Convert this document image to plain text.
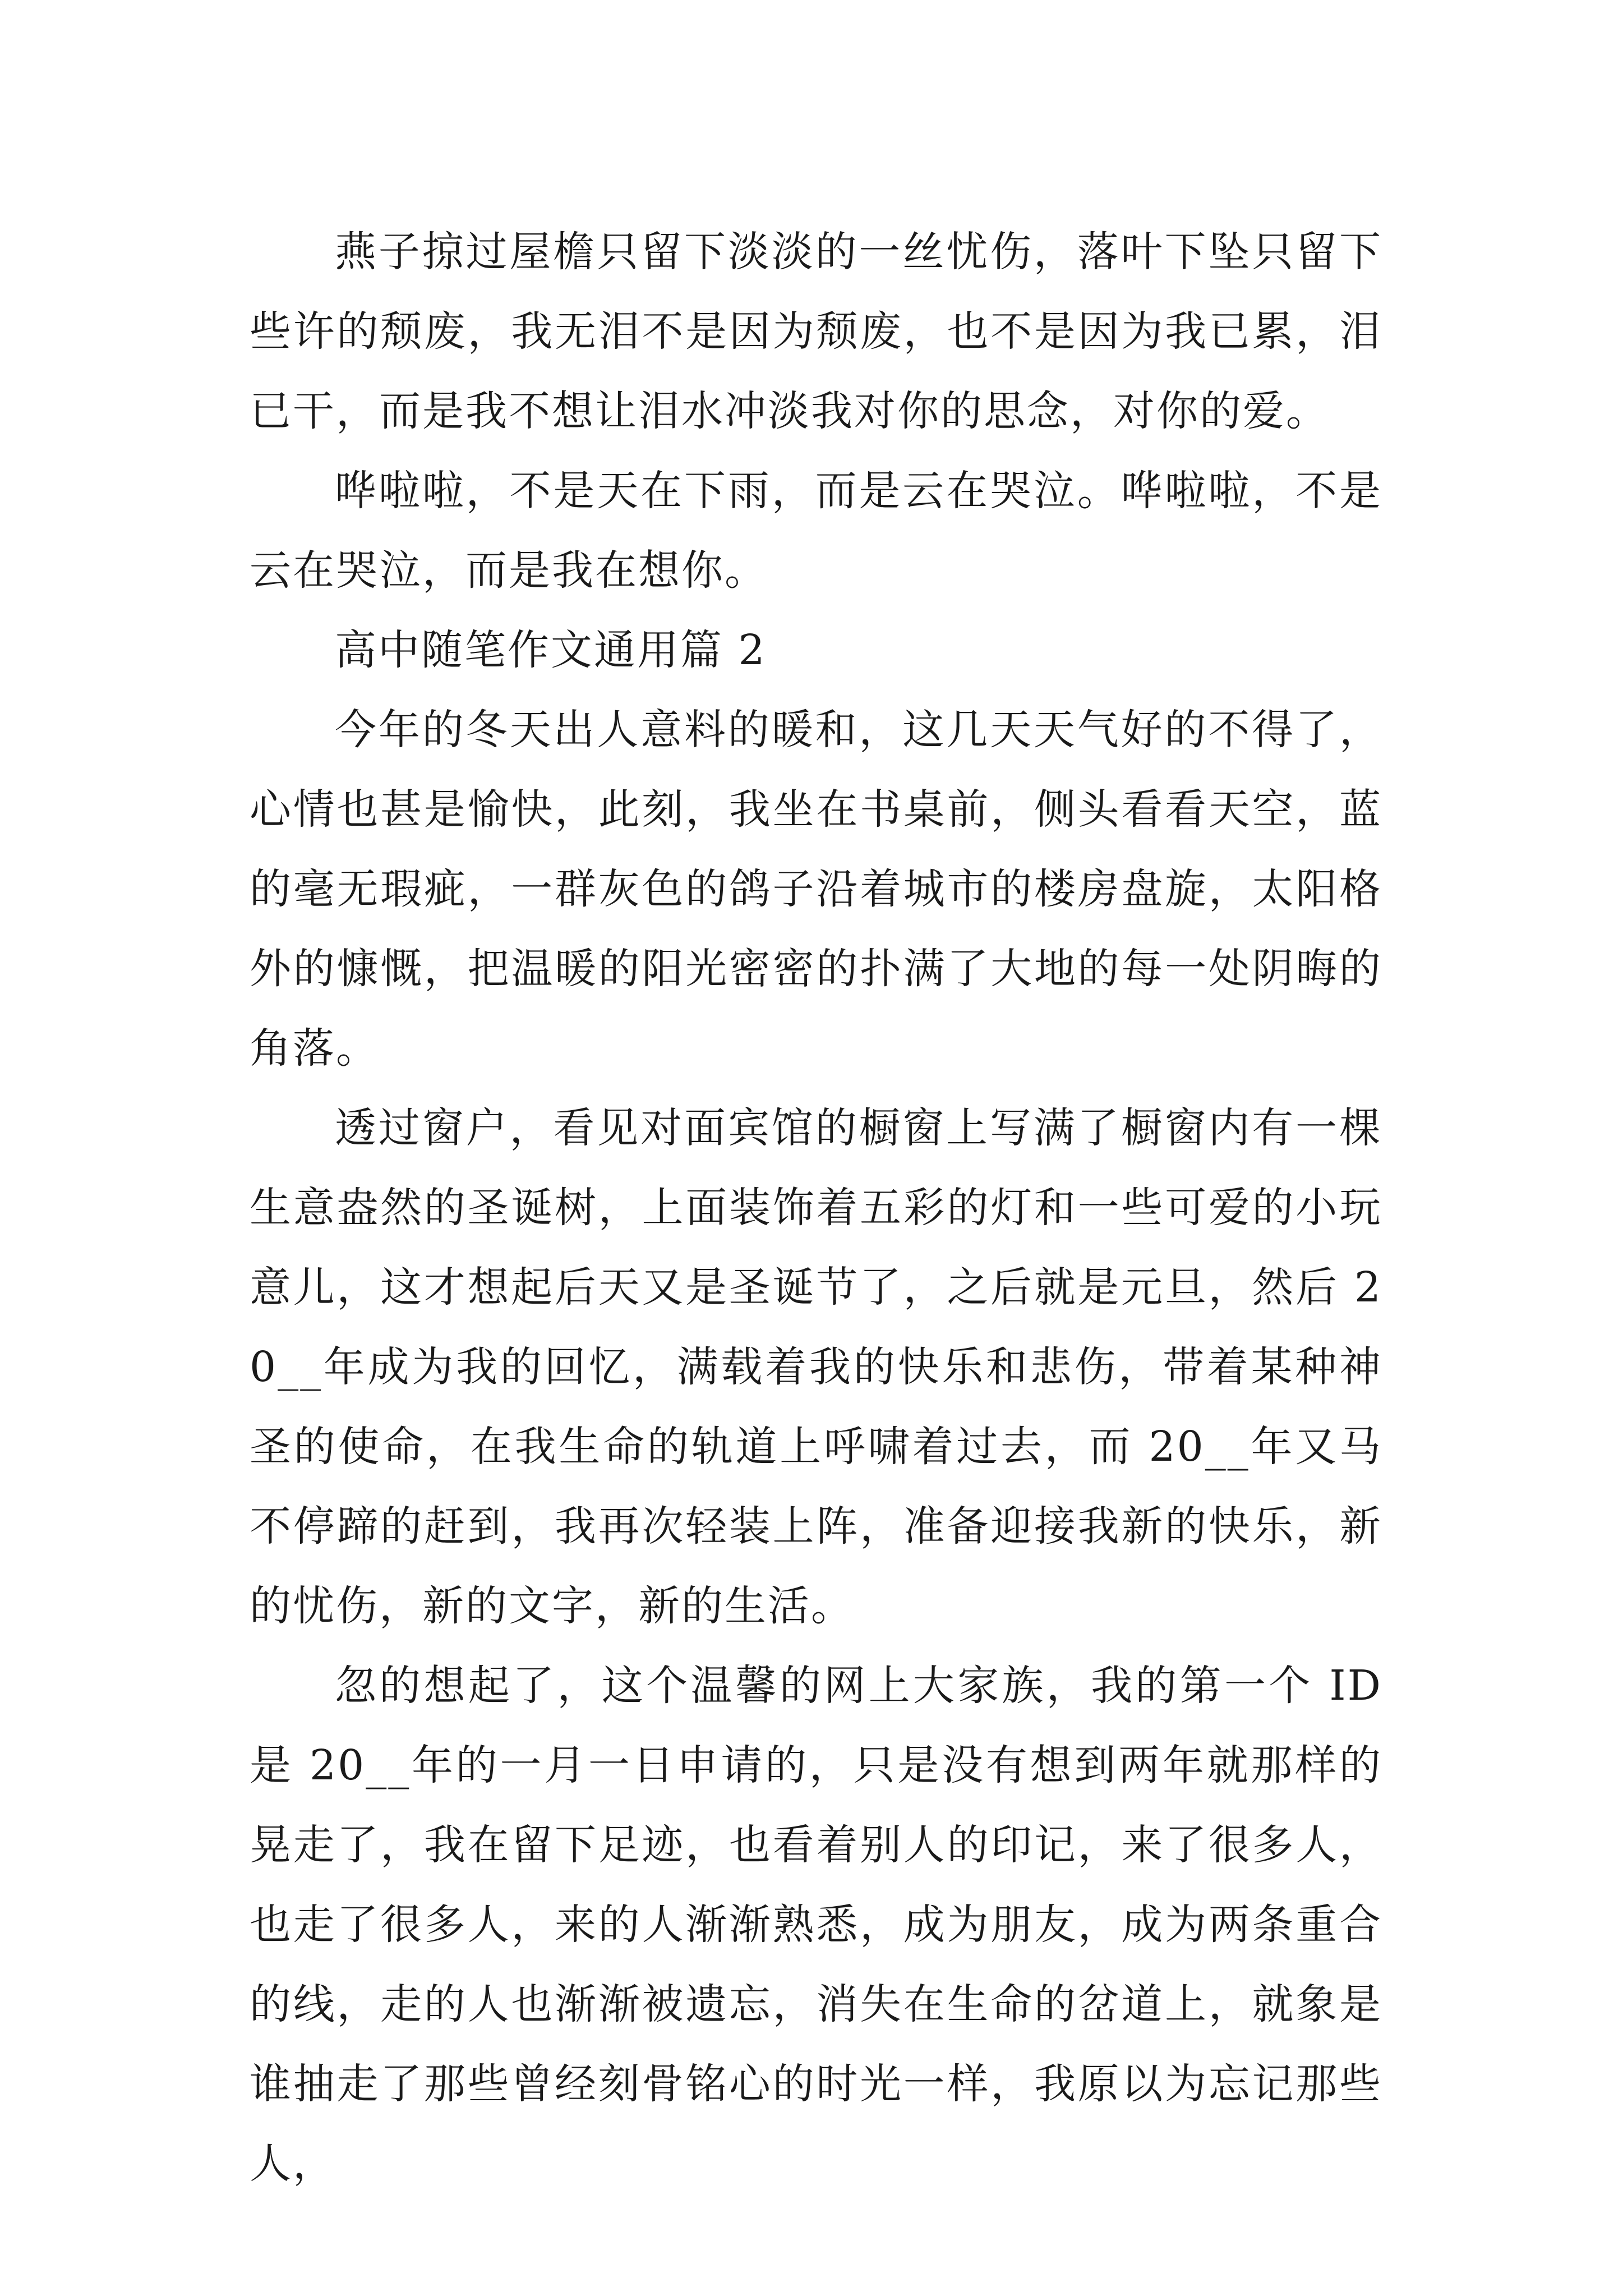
燕子掠过屋檐只留下淡淡的一丝忧伤，落叶下坠只留下些许的颓废，我无泪不是因为颓废，也不是因为我已累，泪已干，而是我不想让泪水冲淡我对你的思念，对你的爱。

哗啦啦，不是天在下雨，而是云在哭泣。哗啦啦，不是云在哭泣，而是我在想你。

高中随笔作文通用篇 2

今年的冬天出人意料的暖和，这几天天气好的不得了，心情也甚是愉快，此刻，我坐在书桌前，侧头看看天空，蓝的毫无瑕疵，一群灰色的鸽子沿着城市的楼房盘旋，太阳格外的慷慨，把温暖的阳光密密的扑满了大地的每一处阴晦的角落。

透过窗户，看见对面宾馆的橱窗上写满了橱窗内有一棵生意盎然的圣诞树，上面装饰着五彩的灯和一些可爱的小玩意儿，这才想起后天又是圣诞节了，之后就是元旦，然后 20__年成为我的回忆，满载着我的快乐和悲伤，带着某种神圣的使命，在我生命的轨道上呼啸着过去，而 20__年又马不停蹄的赶到，我再次轻装上阵，准备迎接我新的快乐，新的忧伤，新的文字，新的生活。

忽的想起了，这个温馨的网上大家族，我的第一个 ID是 20__年的一月一日申请的，只是没有想到两年就那样的晃走了，我在留下足迹，也看着别人的印记，来了很多人，也走了很多人，来的人渐渐熟悉，成为朋友，成为两条重合的线，走的人也渐渐被遗忘，消失在生命的岔道上，就象是谁抽走了那些曾经刻骨铭心的时光一样，我原以为忘记那些人，
